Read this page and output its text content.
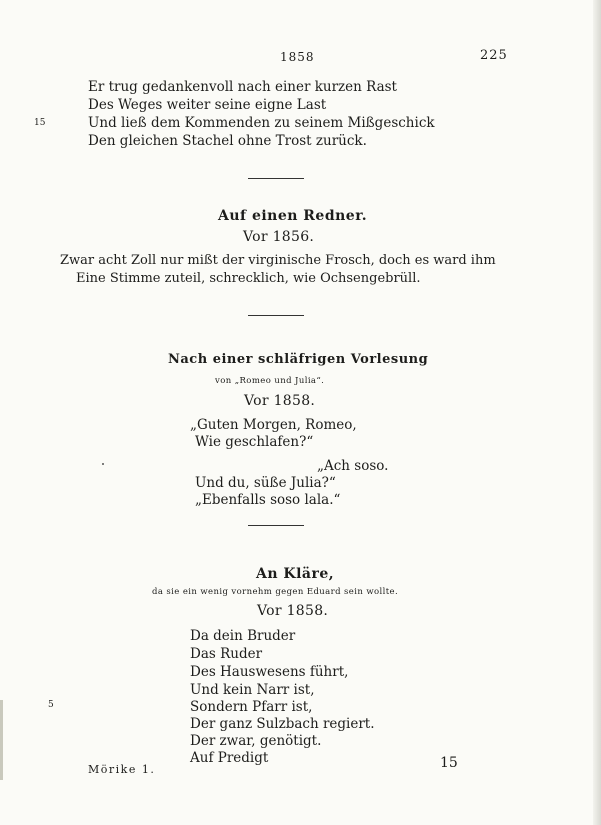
1858	225
Er trug gedankenvoll nach einer kurzen Rast
Des Weges weiter seine eigne Last
15	Und ließ dem Kommenden zu seinem Mißgeschick
Den gleichen Stachel ohne Trost zurück.
Auf einen Redner.
Vor 1856.
Zwar acht Zoll nur mißt der virginische Frosch, doch es ward ihm
Eine Stimme zuteil, schrecklich, wie Ochsengebrüll.
Nach einer schläfrigen Vorlesung
von „Romeo und Julia“.
Vor 1858.
„Guten Morgen, Romeo,
Wie geschlafen?“
„Ach soso.
Und du, süße Julia?“
„Ebenfalls soso lala.“
An Kläre,
da sie ein wenig vornehm gegen Eduard sein wollte.
Vor 1858.
Da dein Bruder
Das Ruder
Des Hauswesens führt,
Und kein Narr ist,
5	Sondern Pfarr ist,
Der ganz Sulzbach regiert.
Der zwar, genötigt.
Auf Predigt
Mörike 1.	15
